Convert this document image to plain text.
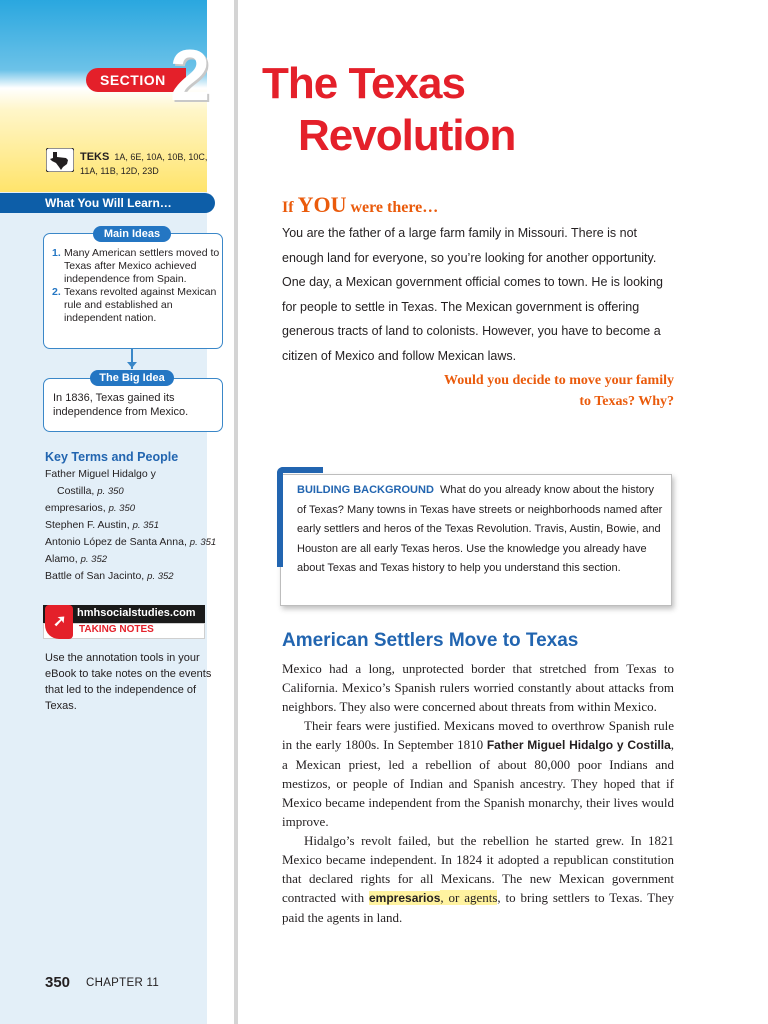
SECTION 2
TEKS 1A, 6E, 10A, 10B, 10C, 11A, 11B, 12D, 23D
What You Will Learn…
Main Ideas
1. Many American settlers moved to Texas after Mexico achieved independence from Spain.
2. Texans revolted against Mexican rule and established an independent nation.
The Big Idea
In 1836, Texas gained its independence from Mexico.
Key Terms and People
Father Miguel Hidalgo y
Costilla, p. 350
empresarios, p. 350
Stephen F. Austin, p. 351
Antonio López de Santa Anna, p. 351
Alamo, p. 352
Battle of San Jacinto, p. 352
hmhsocialstudies.com
TAKING NOTES
➚
Use the annotation tools in your eBook to take notes on the events that led to the independence of Texas.
350 CHAPTER 11
The Texas
Revolution
If YOU were there…
You are the father of a large farm family in Missouri. There is not enough land for everyone, so you’re looking for another opportunity. One day, a Mexican government official comes to town. He is looking for people to settle in Texas. The Mexican government is offering generous tracts of land to colonists. However, you have to become a citizen of Mexico and follow Mexican laws.
Would you decide to move your family
to Texas? Why?
BUILDING BACKGROUND What do you already know about the history of Texas? Many towns in Texas have streets or neighborhoods named after early settlers and heros of the Texas Revolution. Travis, Austin, Bowie, and Houston are all early Texas heros. Use the knowledge you already have about Texas and Texas history to help you understand this section.
American Settlers Move to Texas

Mexico had a long, unprotected border that stretched from Texas to California. Mexico’s Spanish rulers worried constantly about attacks from neighbors. They also were concerned about threats from within Mexico.

Their fears were justified. Mexicans moved to overthrow Spanish rule in the early 1800s. In September 1810 Father Miguel Hidalgo y Costilla, a Mexican priest, led a rebellion of about 80,000 poor Indians and mestizos, or people of Indian and Spanish ancestry. They hoped that if Mexico became independent from the Spanish monarchy, their lives would improve.

Hidalgo’s revolt failed, but the rebellion he started grew. In 1821 Mexico became independent. In 1824 it adopted a republican constitution that declared rights for all Mexicans. The new Mexican government contracted with empresarios, or agents, to bring settlers to Texas. They paid the agents in land.
